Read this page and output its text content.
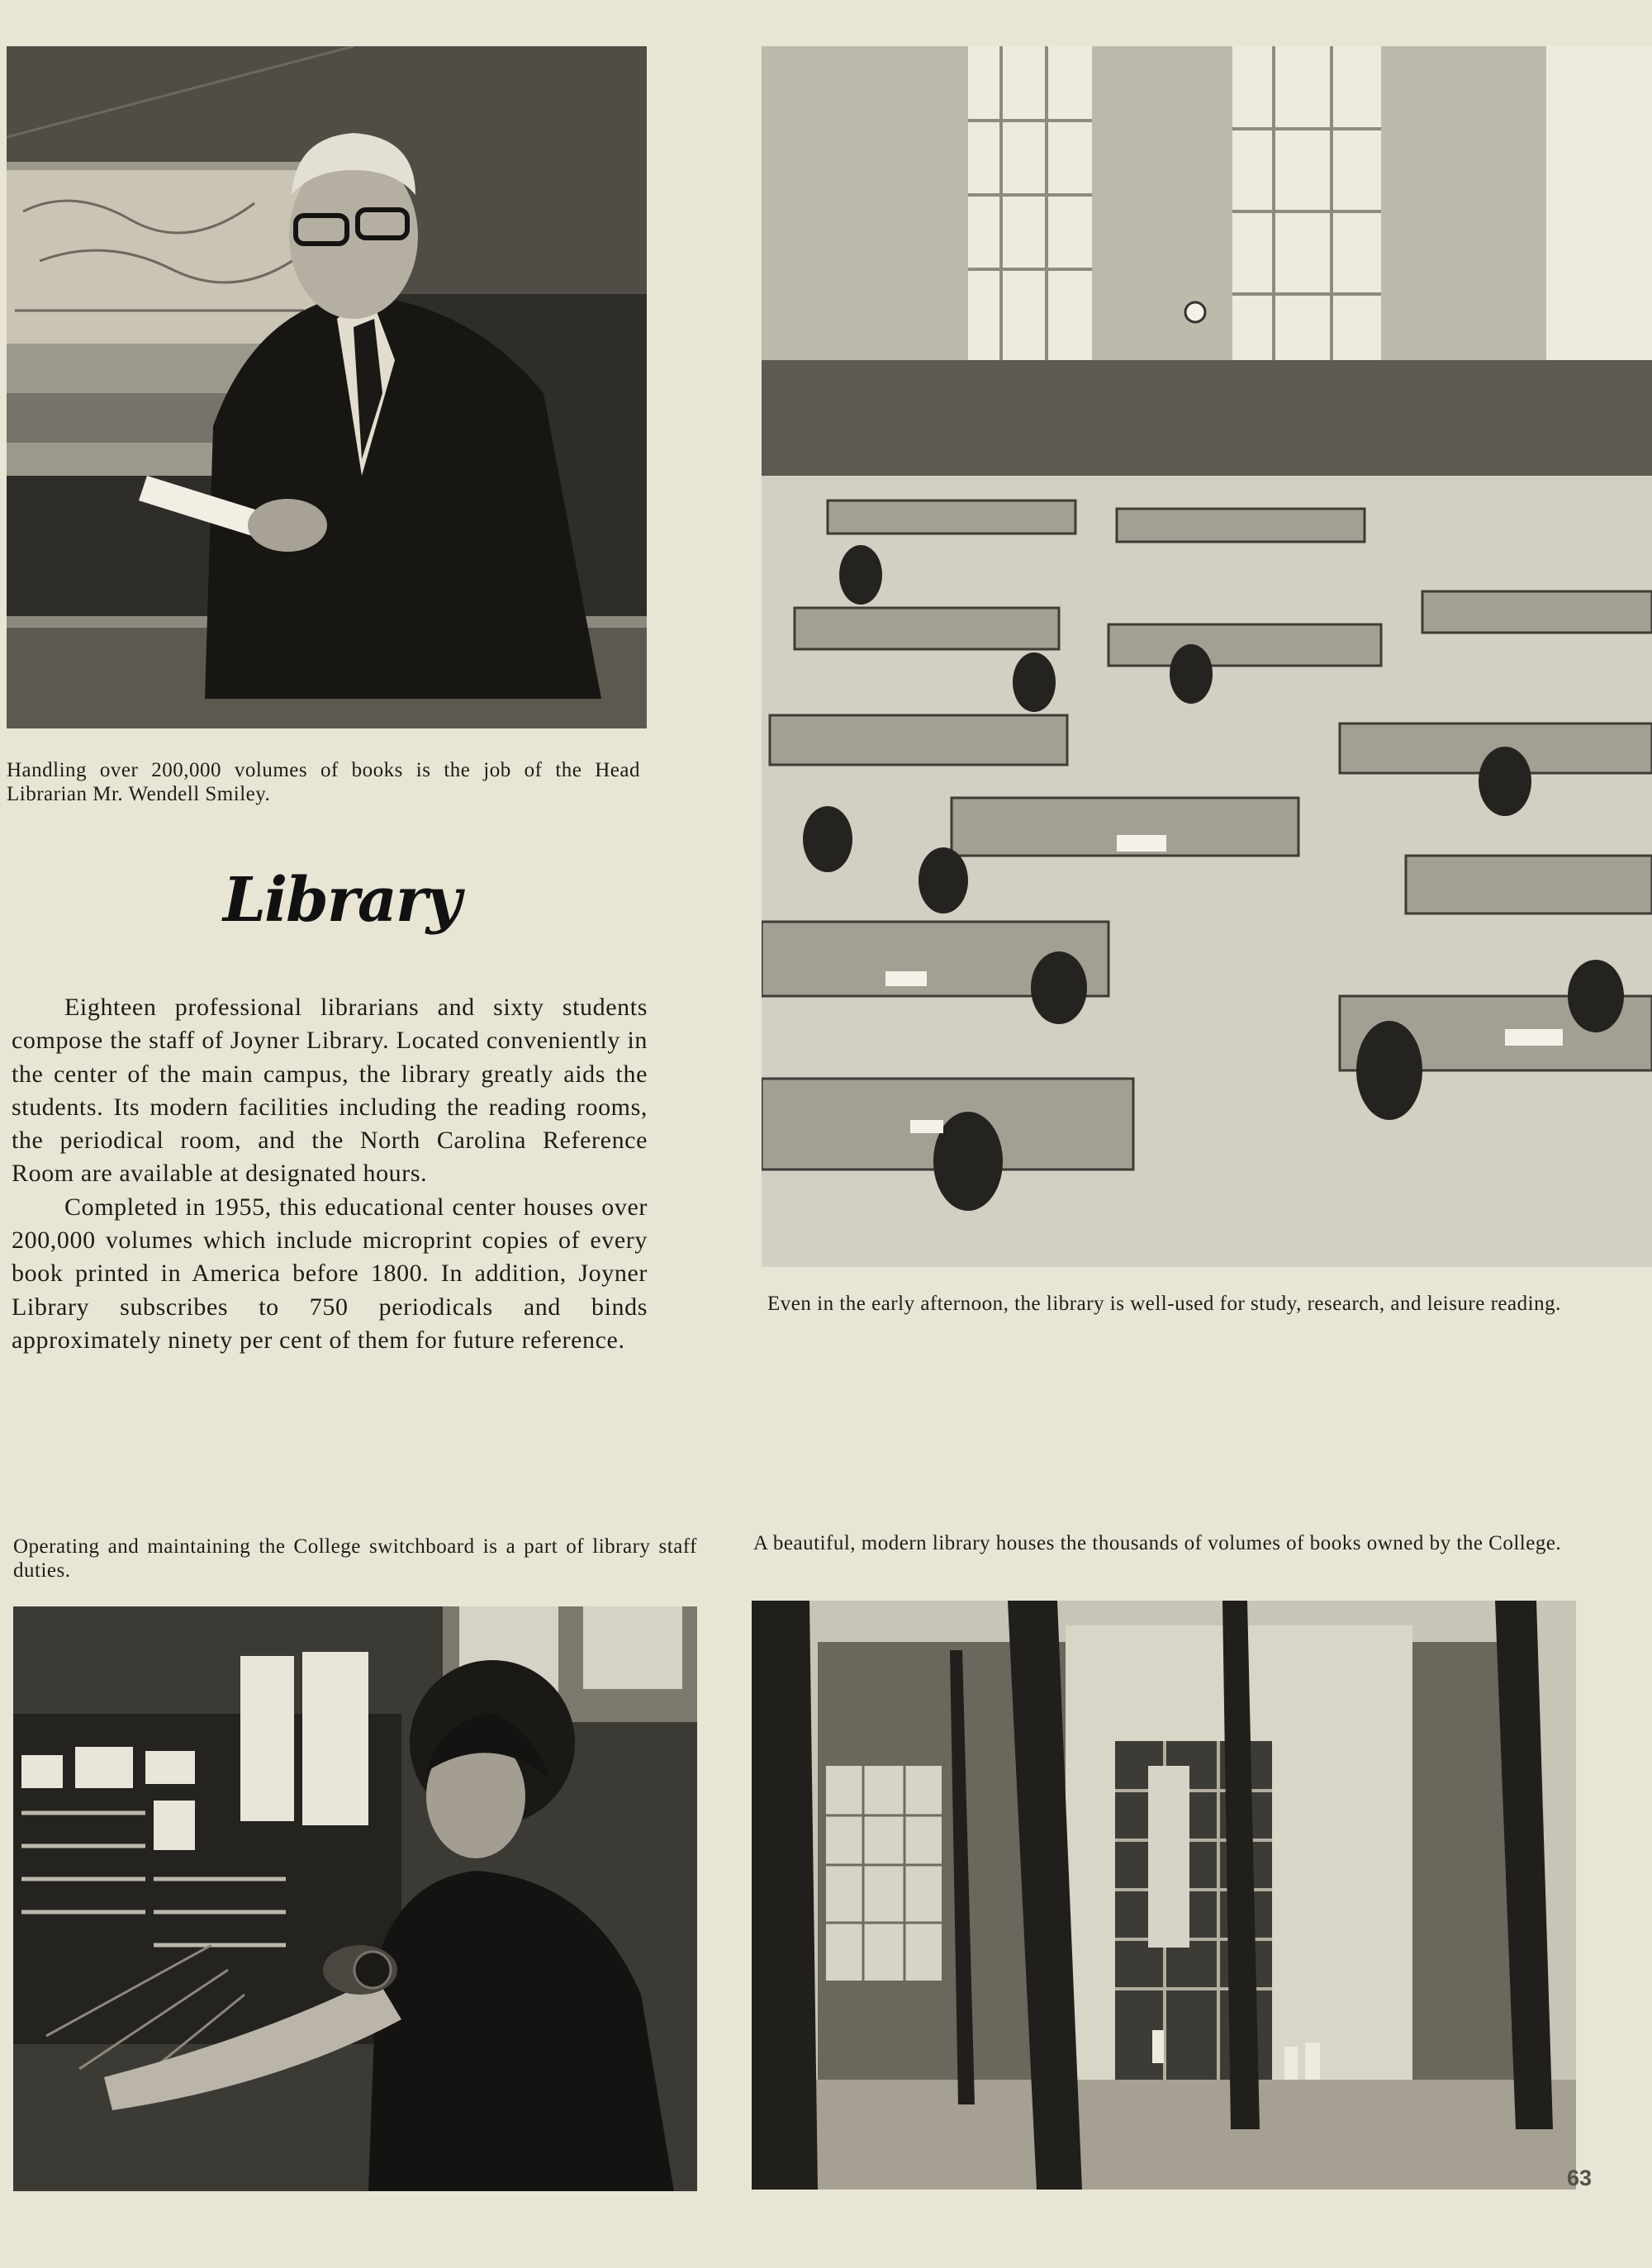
Handling over 200,000 volumes of books is the job of the Head Librarian Mr. Wendell Smiley.

Even in the early afternoon, the library is well-used for study, research, and leisure reading.

Library

Eighteen professional librarians and sixty students compose the staff of Joyner Library. Located conveniently in the center of the main campus, the library greatly aids the students. Its modern facilities including the reading rooms, the periodical room, and the North Carolina Reference Room are available at designated hours.

Completed in 1955, this educational center houses over 200,000 volumes which include microprint copies of every book printed in America before 1800. In addition, Joyner Library subscribes to 750 periodicals and binds approximately ninety per cent of them for future reference.

Operating and maintaining the College switchboard is a part of library staff duties.

A beautiful, modern library houses the thousands of volumes of books owned by the College.

63
